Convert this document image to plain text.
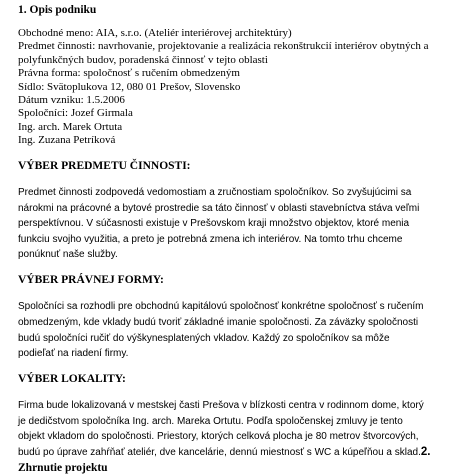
1. Opis podniku
Obchodné meno: AIA, s.r.o. (Ateliér interiérovej architektúry)
Predmet činnosti: navrhovanie, projektovanie a realizácia rekonštrukcií interiérov obytných a
polyfunkčných budov, poradenská činnosť v tejto oblasti
Právna forma: spoločnosť s ručením obmedzeným
Sídlo: Svätoplukova 12, 080 01 Prešov, Slovensko
Dátum vzniku: 1.5.2006
Spoločníci: Jozef Girmala
Ing. arch. Marek Ortuta
Ing. Zuzana Petríková
VÝBER PREDMETU ČINNOSTI:
Predmet činnosti zodpovedá vedomostiam a zručnostiam spoločníkov. So zvyšujúcimi sa
nárokmi na prácovné a bytové prostredie sa táto činnosť v oblasti stavebníctva stáva veľmi
perspektívnou. V súčasnosti existuje v Prešovskom kraji množstvo objektov, ktoré menia
funkciu svojho využitia, a preto je potrebná zmena ich interiérov. Na tomto trhu chceme
ponúknuť naše služby.
VÝBER PRÁVNEJ FORMY:
Spoločníci sa rozhodli pre obchodnú kapitálovú spoločnosť konkrétne spoločnosť s ručením
obmedzeným, kde vklady budú tvoriť základné imanie spoločnosti. Za záväzky spoločnosti
budú spoločníci ručiť do výškynesplatených vkladov. Každý zo spoločníkov sa môže
podieľať na riadení firmy.
VÝBER LOKALITY:
Firma bude lokalizovaná v mestskej časti Prešova v blízkosti centra v rodinnom dome, ktorý
je dedičstvom spoločníka Ing. arch. Mareka Ortutu. Podľa spoločenskej zmluvy je tento
objekt vkladom do spoločnosti. Priestory, ktorých celková plocha je 80 metrov štvorcových,
budú po úprave zahŕňať ateliér, dve kancelárie, dennú miestnosť s WC a kúpeľňou a sklad.2.
Zhrnutie projektu
